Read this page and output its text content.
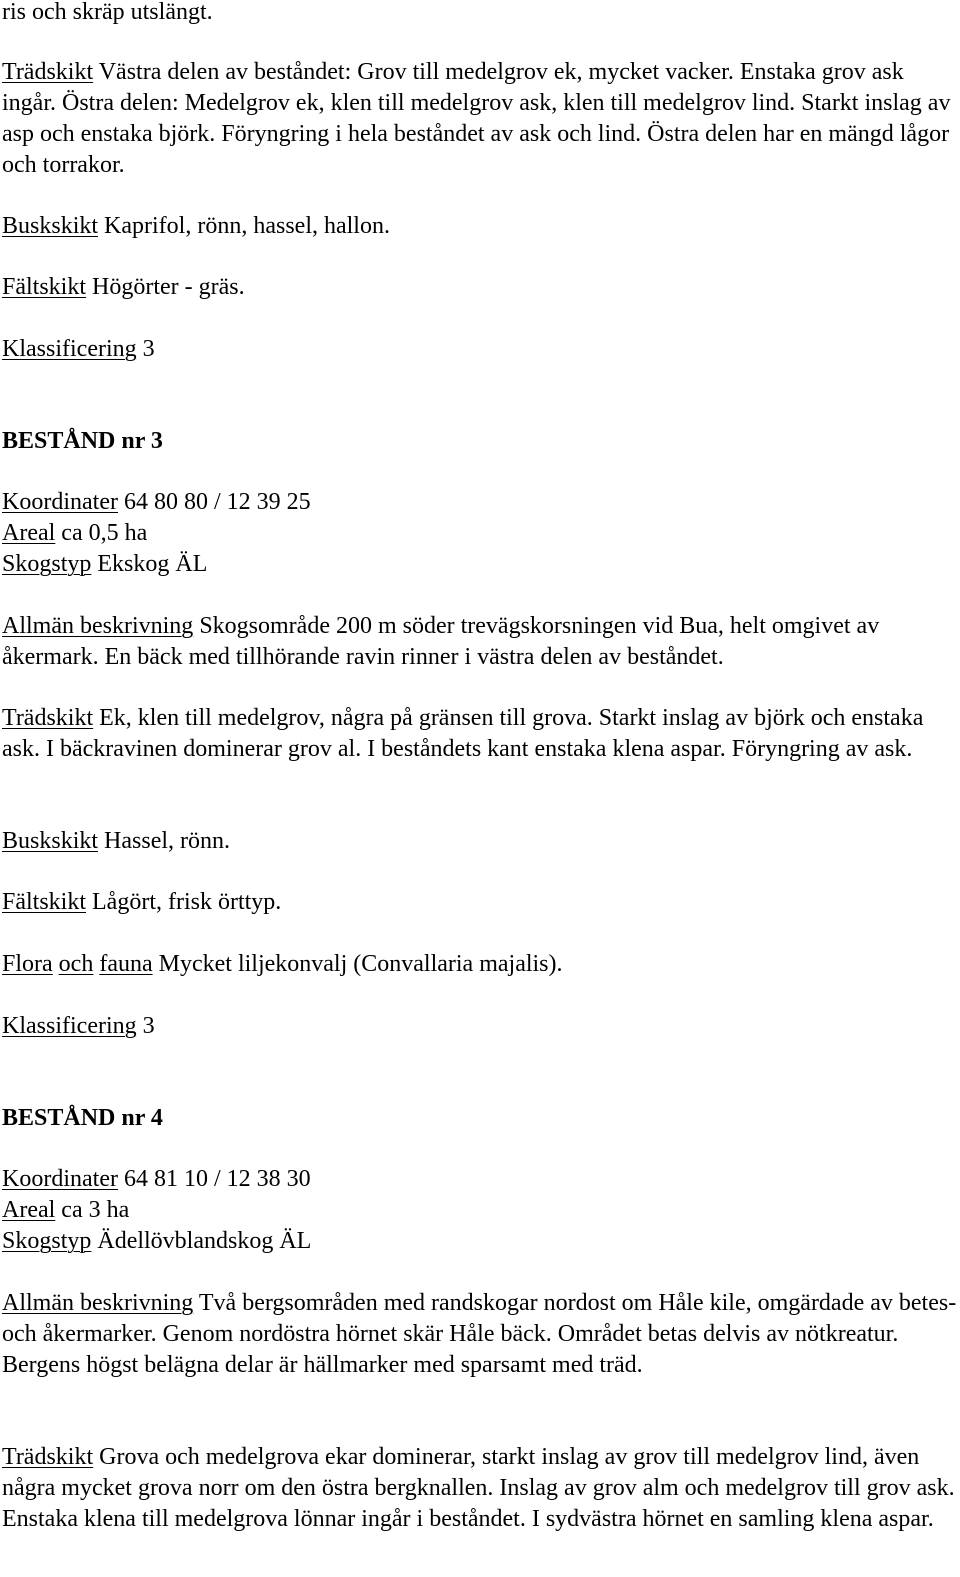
ris och skräp utslängt.

Trädskikt Västra delen av beståndet: Grov till medelgrov ek, mycket vacker. Enstaka grov ask ingår. Östra delen: Medelgrov ek, klen till medelgrov ask, klen till medelgrov lind. Starkt inslag av asp och enstaka björk. Föryngring i hela beståndet av ask och lind. Östra delen har en mängd lågor och torrakor.

Buskskikt Kaprifol, rönn, hassel, hallon.

Fältskikt Högörter - gräs.

Klassificering 3

BESTÅND nr 3

Koordinater 64 80 80 / 12 39 25

Areal ca 0,5 ha

Skogstyp Ekskog ÄL

Allmän beskrivning Skogsområde 200 m söder trevägskorsningen vid Bua, helt omgivet av åkermark. En bäck med tillhörande ravin rinner i västra delen av beståndet.

Trädskikt Ek, klen till medelgrov, några på gränsen till grova. Starkt inslag av björk och enstaka ask. I bäckravinen dominerar grov al. I beståndets kant enstaka klena aspar. Föryngring av ask.

Buskskikt Hassel, rönn.

Fältskikt Lågört, frisk örttyp.

Flora och fauna Mycket liljekonvalj (Convallaria majalis).

Klassificering 3

BESTÅND nr 4

Koordinater 64 81 10 / 12 38 30

Areal ca 3 ha

Skogstyp Ädellövblandskog ÄL

Allmän beskrivning Två bergsområden med randskogar nordost om Håle kile, omgärdade av betes- och åkermarker. Genom nordöstra hörnet skär Håle bäck. Området betas delvis av nötkreatur. Bergens högst belägna delar är hällmarker med sparsamt med träd.

Trädskikt Grova och medelgrova ekar dominerar, starkt inslag av grov till medelgrov lind, även några mycket grova norr om den östra bergknallen. Inslag av grov alm och medelgrov till grov ask. Enstaka klena till medelgrova lönnar ingår i beståndet. I sydvästra hörnet en samling klena aspar.
